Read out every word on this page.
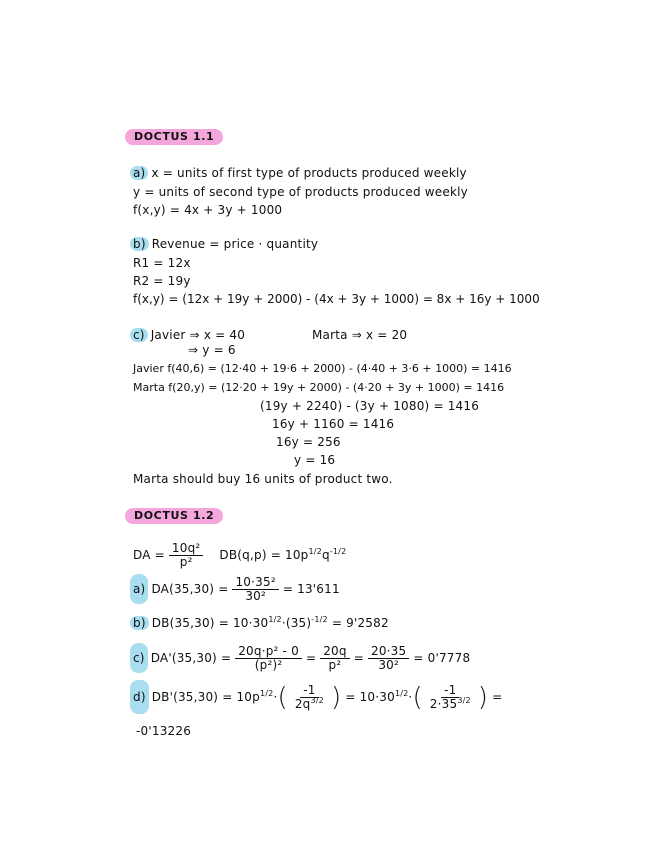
DOCTUS 1.1
a) x = units of first type of products produced weekly
y = units of second type of products produced weekly
f(x,y) = 4x + 3y + 1000
b) Revenue = price · quantity
R1 = 12x
R2 = 19y
f(x,y) = (12x + 19y + 2000) - (4x + 3y + 1000) = 8x + 16y + 1000
c) Javier ⇒ x = 40	Marta ⇒ x = 20
⇒ y = 6
Javier f(40,6) = (12·40 + 19·6 + 2000) - (4·40 + 3·6 + 1000) = 1416
Marta f(20,y) = (12·20 + 19y + 2000) - (4·20 + 3y + 1000) = 1416
(19y + 2240) - (3y + 1080) = 1416
16y + 1160 = 1416
16y = 256
y = 16
Marta should buy 16 units of product two.
DOCTUS 1.2
DA = $\frac{\text{10q²}}{\text{p²}} DB(q,p) = 10p^{1/2}q^{-1/2}$
a) $DA(35,30) = \frac{\text{10·35²}}{\text{30²}} = 13'611$
b) $DB(35,30) = 10\cdot 30^{1/2}\cdot(35)^{-1/2} = 9'2582$
c) $DA'(35,30) = \frac{\text{20q·p² - 0}}{\text{(p²)²}} = \frac{20q}{\text{p²}} = \frac{20\cdot 35}{\text{30²}} = 0'7778$
d) $DB'(35,30) = 10p^{1/2}\cdot( \frac{-1}{2q^{3/2}}$ ) = $10\cdot 30^{1/2}\cdot( \frac{-1}{2\cdot 35^{3/2}}$ ) =
-0'13226
